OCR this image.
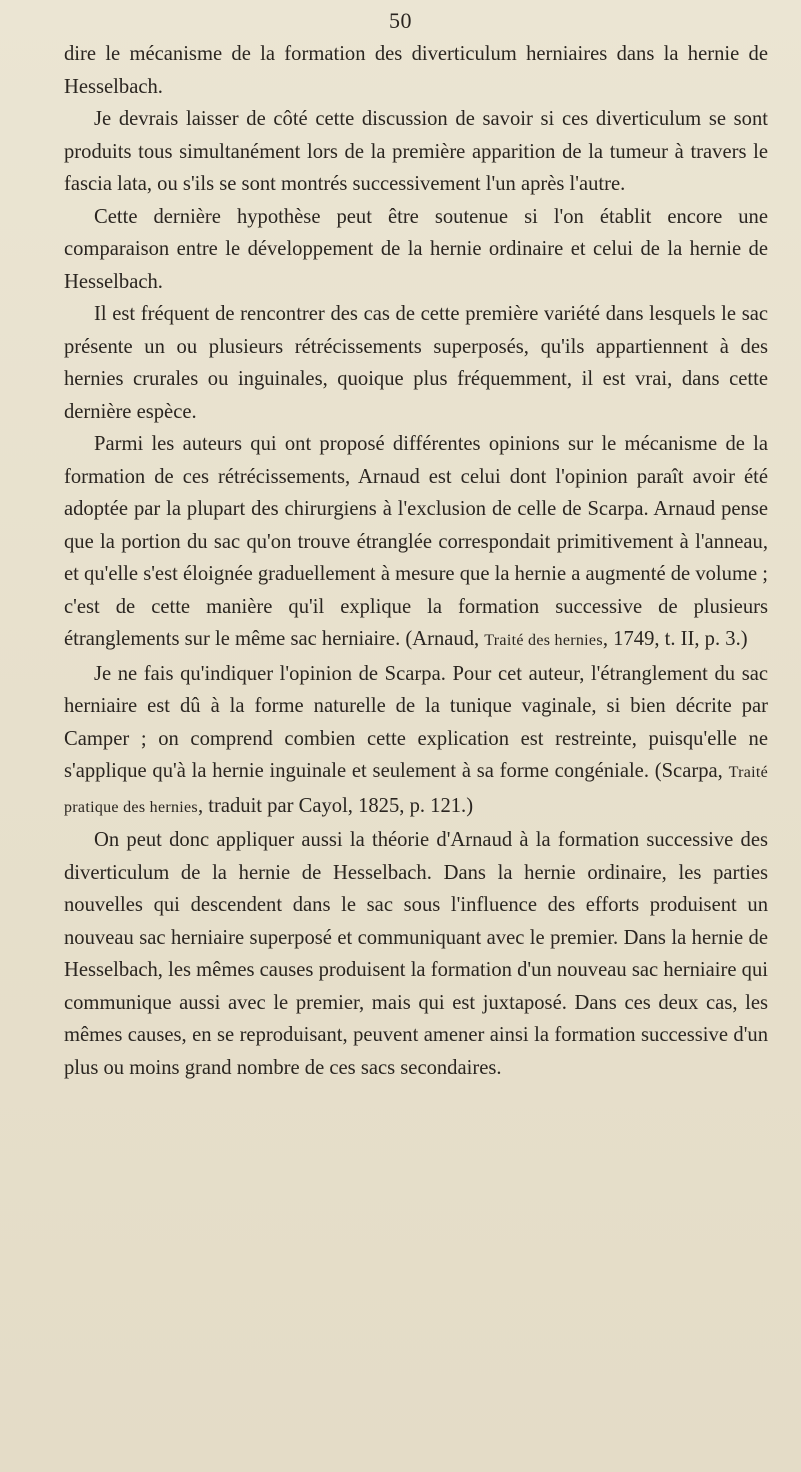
50

dire le mécanisme de la formation des diverticulum herniaires dans la hernie de Hesselbach.

Je devrais laisser de côté cette discussion de savoir si ces diverticulum se sont produits tous simultanément lors de la première apparition de la tumeur à travers le fascia lata, ou s'ils se sont montrés successivement l'un après l'autre.

Cette dernière hypothèse peut être soutenue si l'on établit encore une comparaison entre le développement de la hernie ordinaire et celui de la hernie de Hesselbach.

Il est fréquent de rencontrer des cas de cette première variété dans lesquels le sac présente un ou plusieurs rétrécissements superposés, qu'ils appartiennent à des hernies crurales ou inguinales, quoique plus fréquemment, il est vrai, dans cette dernière espèce.

Parmi les auteurs qui ont proposé différentes opinions sur le mécanisme de la formation de ces rétrécissements, Arnaud est celui dont l'opinion paraît avoir été adoptée par la plupart des chirurgiens à l'exclusion de celle de Scarpa. Arnaud pense que la portion du sac qu'on trouve étranglée correspondait primitivement à l'anneau, et qu'elle s'est éloignée graduellement à mesure que la hernie a augmenté de volume ; c'est de cette manière qu'il explique la formation successive de plusieurs étranglements sur le même sac herniaire. (Arnaud, Traité des hernies, 1749, t. II, p. 3.)

Je ne fais qu'indiquer l'opinion de Scarpa. Pour cet auteur, l'étranglement du sac herniaire est dû à la forme naturelle de la tunique vaginale, si bien décrite par Camper ; on comprend combien cette explication est restreinte, puisqu'elle ne s'applique qu'à la hernie inguinale et seulement à sa forme congéniale. (Scarpa, Traité pratique des hernies, traduit par Cayol, 1825, p. 121.)

On peut donc appliquer aussi la théorie d'Arnaud à la formation successive des diverticulum de la hernie de Hesselbach. Dans la hernie ordinaire, les parties nouvelles qui descendent dans le sac sous l'influence des efforts produisent un nouveau sac herniaire superposé et communiquant avec le premier. Dans la hernie de Hesselbach, les mêmes causes produisent la formation d'un nouveau sac herniaire qui communique aussi avec le premier, mais qui est juxtaposé. Dans ces deux cas, les mêmes causes, en se reproduisant, peuvent amener ainsi la formation successive d'un plus ou moins grand nombre de ces sacs secondaires.
